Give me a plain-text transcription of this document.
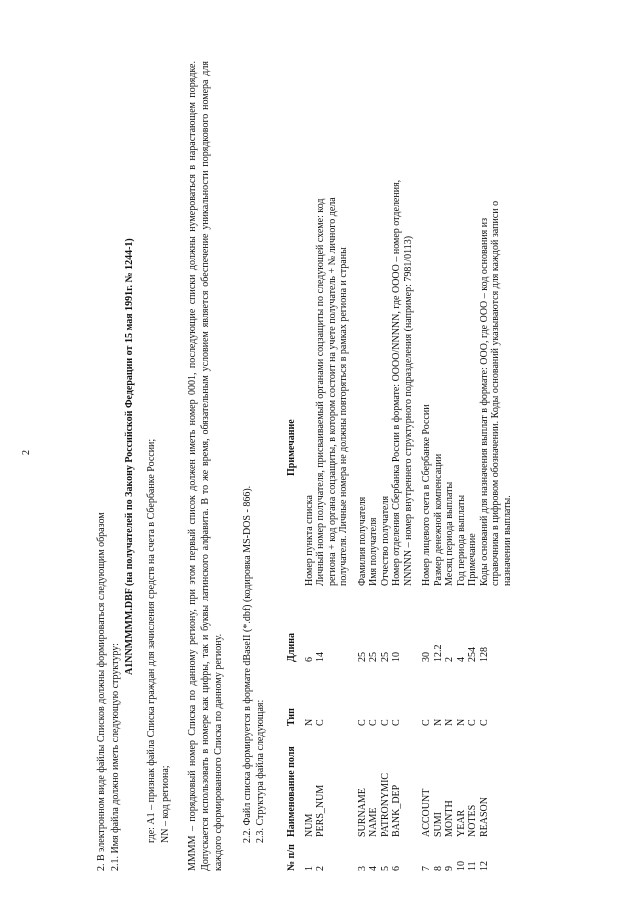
2
2. В электронном виде файлы Списков должны формироваться следующим образом 2.1. Имя файла должно иметь следующую структуру:
A1NNMMMM.DBF (на получателей по Закону Российской Федерации от 15 мая 1991г. № 1244-1) где: A1 – признак файла Списка граждан для зачисления средств на счета в Сбербанке России; NN – код региона; MMMM – порядковый номер Списка по данному региону, при этом первый список должен иметь номер 0001, последующие списки должны нумероваться в нарастающем порядке. Допускается использовать в номере как цифры, так и буквы латинского алфавита. В то же время, обязательным условием является обеспечение уникальности порядкового номера для каждого сформированного Списка по данному региону. 2.2. Файл списка формируется в формате dBaseII (*.dbf) (кодировка MS-DOS - 866). 2.3. Структура файла следующая:
№ п/п	Наименование поля	Тип	Длина	Примечание
1	NUM	N	6	Номер пункта списка
2	PERS_NUM	C	14	Личный номер получателя, присваиваемый органами соцзащиты по следующей схеме: код региона + код органа соцзащиты, в котором состоит на учете получатель + № личного дела получателя. Личные номера не должны повторяться в рамках региона и страны

3	SURNAME	C	25	Фамилия получателя
4	NAME	C	25	Имя получателя
5	PATRONYMIC	C	25	Отчество получателя
6	BANK_DEP	C	10	Номер отделения Сбербанка России в формате: OOOO/NNNNN, где OOOO – номер отделения, NNNNN – номер внутреннего структурного подразделения (например: 7981/0113)

7	ACCOUNT	C	30	Номер лицевого счета в Сбербанке России
8	SUMI	N	12.2	Размер денежной компенсации
9	MONTH	N	2	Месяц периода выплаты
10	YEAR	N	4	Год периода выплаты
11	NOTES	C	254	Примечание
12	REASON	C	128	Коды оснований для назначения выплат в формате: OOO, где OOO – код основания из справочника в цифровом обозначении. Коды оснований указываются для каждой записи о назначении выплаты.
